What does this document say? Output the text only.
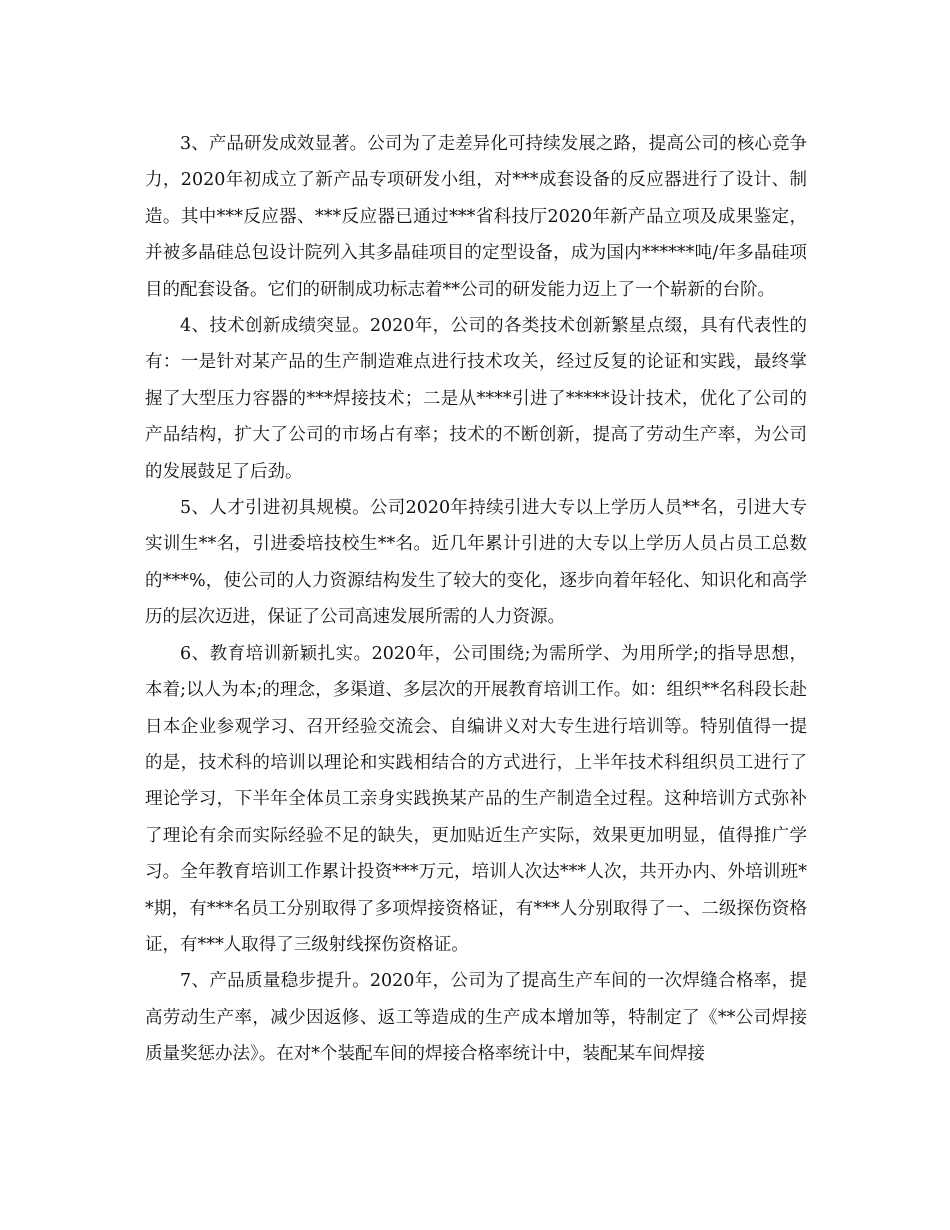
3、产品研发成效显著。公司为了走差异化可持续发展之路，提高公司的核心竞争力，2020年初成立了新产品专项研发小组，对***成套设备的反应器进行了设计、制造。其中***反应器、***反应器已通过***省科技厅2020年新产品立项及成果鉴定，并被多晶硅总包设计院列入其多晶硅项目的定型设备，成为国内******吨/年多晶硅项目的配套设备。它们的研制成功标志着**公司的研发能力迈上了一个崭新的台阶。

4、技术创新成绩突显。2020年，公司的各类技术创新繁星点缀，具有代表性的有：一是针对某产品的生产制造难点进行技术攻关，经过反复的论证和实践，最终掌握了大型压力容器的***焊接技术；二是从****引进了*****设计技术，优化了公司的产品结构，扩大了公司的市场占有率；技术的不断创新，提高了劳动生产率，为公司的发展鼓足了后劲。

5、人才引进初具规模。公司2020年持续引进大专以上学历人员**名，引进大专实训生**名，引进委培技校生**名。近几年累计引进的大专以上学历人员占员工总数的***%，使公司的人力资源结构发生了较大的变化，逐步向着年轻化、知识化和高学历的层次迈进，保证了公司高速发展所需的人力资源。

6、教育培训新颖扎实。2020年，公司围绕;为需所学、为用所学;的指导思想，本着;以人为本;的理念，多渠道、多层次的开展教育培训工作。如：组织**名科段长赴日本企业参观学习、召开经验交流会、自编讲义对大专生进行培训等。特别值得一提的是，技术科的培训以理论和实践相结合的方式进行，上半年技术科组织员工进行了理论学习，下半年全体员工亲身实践换某产品的生产制造全过程。这种培训方式弥补了理论有余而实际经验不足的缺失，更加贴近生产实际，效果更加明显，值得推广学习。全年教育培训工作累计投资***万元，培训人次达***人次，共开办内、外培训班**期，有***名员工分别取得了多项焊接资格证，有***人分别取得了一、二级探伤资格证，有***人取得了三级射线探伤资格证。

7、产品质量稳步提升。2020年，公司为了提高生产车间的一次焊缝合格率，提高劳动生产率，减少因返修、返工等造成的生产成本增加等，特制定了《**公司焊接质量奖惩办法》。在对*个装配车间的焊接合格率统计中，装配某车间焊接
